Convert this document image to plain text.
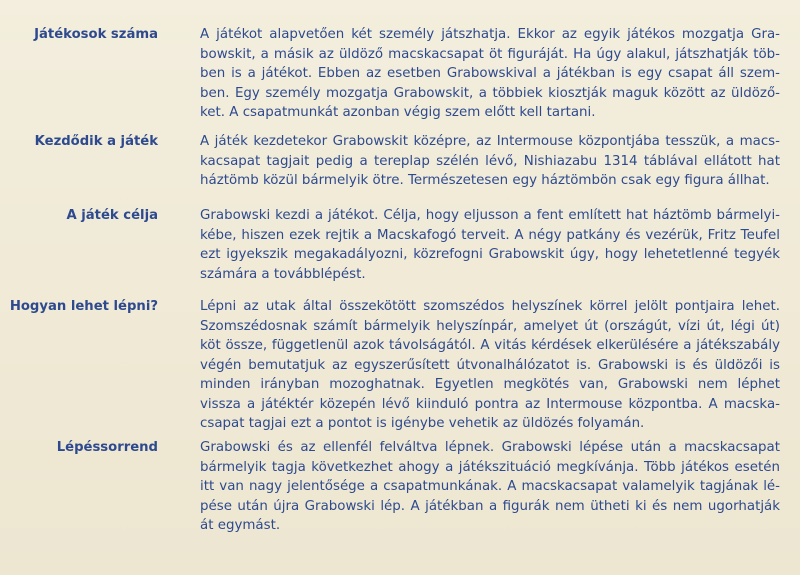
Játékosok száma	A játékot alapvetően két személy játszhatja. Ekkor az egyik játékos mozgatja Gra-
bowskit, a másik az üldöző macskacsapat öt figuráját. Ha úgy alakul, játszhatják töb-
ben is a játékot. Ebben az esetben Grabowskival a játékban is egy csapat áll szem-
ben. Egy személy mozgatja Grabowskit, a többiek kiosztják maguk között az üldöző-
ket. A csapatmunkát azonban végig szem előtt kell tartani.

Kezdődik a játék	A játék kezdetekor Grabowskit középre, az Intermouse központjába tesszük, a macs-
kacsapat tagjait pedig a tereplap szélén lévő, Nishiazabu 1314 táblával ellátott hat
háztömb közül bármelyik ötre. Természetesen egy háztömbön csak egy figura állhat.

A játék célja	Grabowski kezdi a játékot. Célja, hogy eljusson a fent említett hat háztömb bármelyi-
kébe, hiszen ezek rejtik a Macskafogó terveit. A négy patkány és vezérük, Fritz Teufel
ezt igyekszik megakadályozni, közrefogni Grabowskit úgy, hogy lehetetlenné tegyék
számára a továbblépést.

Hogyan lehet lépni?	Lépni az utak által összekötött szomszédos helyszínek körrel jelölt pontjaira lehet.
Szomszédosnak számít bármelyik helyszínpár, amelyet út (országút, vízi út, légi út)
köt össze, függetlenül azok távolságától. A vitás kérdések elkerülésére a játékszabály
végén bemutatjuk az egyszerűsített útvonalhálózatot is. Grabowski is és üldözői is
minden irányban mozoghatnak. Egyetlen megkötés van, Grabowski nem léphet
vissza a játéktér közepén lévő kiinduló pontra az Intermouse központba. A macska-
csapat tagjai ezt a pontot is igénybe vehetik az üldözés folyamán.

Lépéssorrend	Grabowski és az ellenfél felváltva lépnek. Grabowski lépése után a macskacsapat
bármelyik tagja következhet ahogy a játékszituáció megkívánja. Több játékos esetén
itt van nagy jelentősége a csapatmunkának. A macskacsapat valamelyik tagjának lé-
pése után újra Grabowski lép. A játékban a figurák nem ütheti ki és nem ugorhatják
át egymást.
